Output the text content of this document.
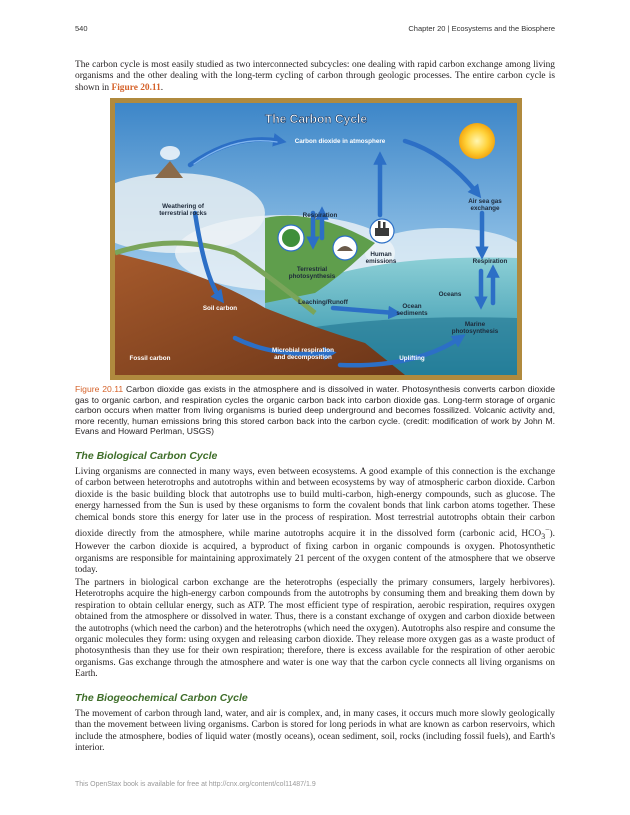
540	Chapter 20 | Ecosystems and the Biosphere

The carbon cycle is most easily studied as two interconnected subcycles: one dealing with rapid carbon exchange among living organisms and the other dealing with the long-term cycling of carbon through geologic processes. The entire carbon cycle is shown in Figure 20.11.

The Carbon Cycle
Carbon dioxide in atmosphere
Weathering of
terrestrial rocks	Respiration
Air sea gas
exchange
Human
emissions	Respiration
Terrestrial
photosynthesis
Oceans
Leaching/Runoff
Soil carbon	Ocean
sediments
Marine
photosynthesis
Fossil carbon
Microbial respiration
and decomposition	Uplifting

Figure 20.11 Carbon dioxide gas exists in the atmosphere and is dissolved in water. Photosynthesis converts carbon dioxide gas to organic carbon, and respiration cycles the organic carbon back into carbon dioxide gas. Long-term storage of organic carbon occurs when matter from living organisms is buried deep underground and becomes fossilized. Volcanic activity and, more recently, human emissions bring this stored carbon back into the carbon cycle. (credit: modification of work by John M. Evans and Howard Perlman, USGS)

The Biological Carbon Cycle

Living organisms are connected in many ways, even between ecosystems. A good example of this connection is the exchange of carbon between heterotrophs and autotrophs within and between ecosystems by way of atmospheric carbon dioxide. Carbon dioxide is the basic building block that autotrophs use to build multi-carbon, high-energy compounds, such as glucose. The energy harnessed from the Sun is used by these organisms to form the covalent bonds that link carbon atoms together. These chemical bonds store this energy for later use in the process of respiration. Most terrestrial autotrophs obtain their carbon dioxide directly from the atmosphere, while marine autotrophs acquire it in the dissolved form (carbonic acid, $HCO_3^-$). However the carbon dioxide is acquired, a byproduct of fixing carbon in organic compounds is oxygen. Photosynthetic organisms are responsible for maintaining approximately 21 percent of the oxygen content of the atmosphere that we observe today.

The partners in biological carbon exchange are the heterotrophs (especially the primary consumers, largely herbivores). Heterotrophs acquire the high-energy carbon compounds from the autotrophs by consuming them and breaking them down by respiration to obtain cellular energy, such as ATP. The most efficient type of respiration, aerobic respiration, requires oxygen obtained from the atmosphere or dissolved in water. Thus, there is a constant exchange of oxygen and carbon dioxide between the autotrophs (which need the carbon) and the heterotrophs (which need the oxygen). Autotrophs also respire and consume the organic molecules they form: using oxygen and releasing carbon dioxide. They release more oxygen gas as a waste product of photosynthesis than they use for their own respiration; therefore, there is excess available for the respiration of other aerobic organisms. Gas exchange through the atmosphere and water is one way that the carbon cycle connects all living organisms on Earth.

The Biogeochemical Carbon Cycle

The movement of carbon through land, water, and air is complex, and, in many cases, it occurs much more slowly geologically than the movement between living organisms. Carbon is stored for long periods in what are known as carbon reservoirs, which include the atmosphere, bodies of liquid water (mostly oceans), ocean sediment, soil, rocks (including fossil fuels), and Earth's interior.

This OpenStax book is available for free at http://cnx.org/content/col11487/1.9
